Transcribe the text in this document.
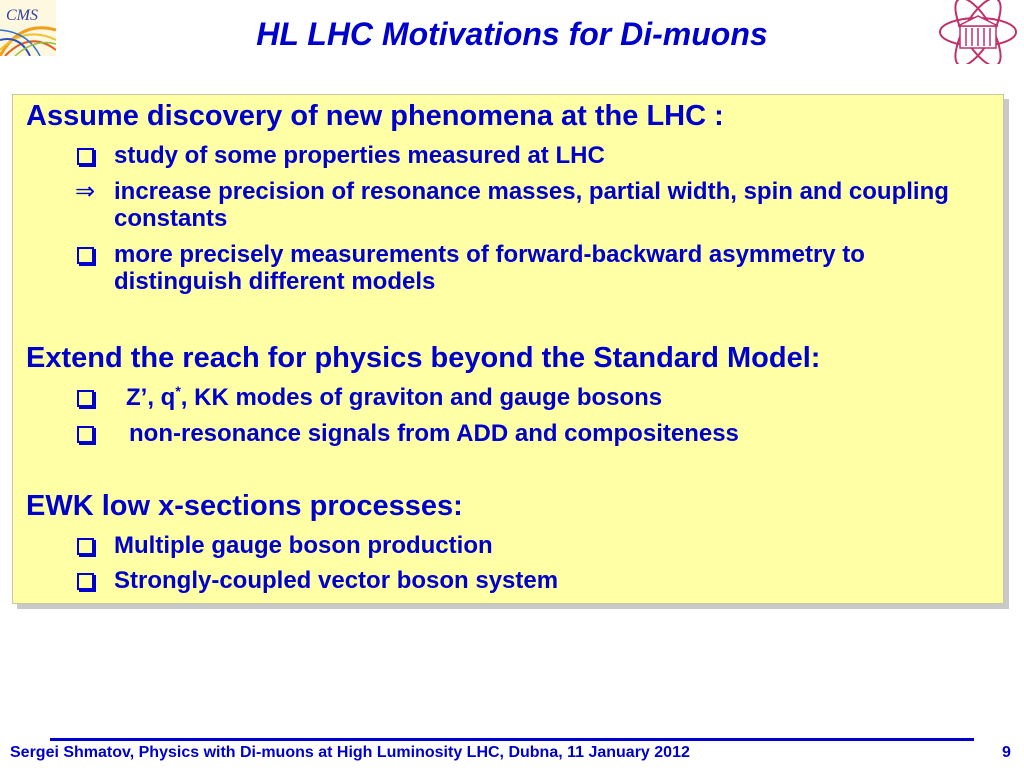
CMS
HL LHC Motivations for Di-muons
Assume discovery of new phenomena at the LHC :
study of some properties measured at LHC
⇒ increase precision of resonance masses, partial width, spin and coupling constants
more precisely measurements of forward-backward asymmetry to distinguish different models
Extend the reach for physics beyond the Standard Model:
Z’, q*, KK modes of graviton and gauge bosons
non-resonance signals from ADD and compositeness
EWK low x-sections processes:
Multiple gauge boson production
Strongly-coupled vector boson system
Sergei Shmatov, Physics with Di-muons at High Luminosity LHC, Dubna, 11 January 2012	9
